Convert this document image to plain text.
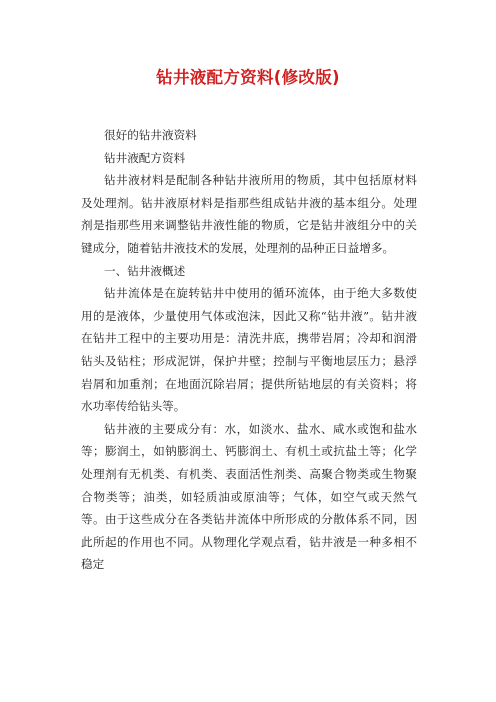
钻井液配方资料(修改版)

很好的钻井液资料

钻井液配方资料

钻井液材料是配制各种钻井液所用的物质，其中包括原材料及处理剂。钻井液原材料是指那些组成钻井液的基本组分。处理剂是指那些用来调整钻井液性能的物质，它是钻井液组分中的关键成分，随着钻井液技术的发展，处理剂的品种正日益增多。

一、钻井液概述

钻井流体是在旋转钻井中使用的循环流体，由于绝大多数使用的是液体，少量使用气体或泡沫，因此又称“钻井液”。钻井液在钻井工程中的主要功用是：清洗井底，携带岩屑；冷却和润滑钻头及钻柱；形成泥饼，保护井壁；控制与平衡地层压力；悬浮岩屑和加重剂；在地面沉除岩屑；提供所钻地层的有关资料；将水功率传给钻头等。

钻井液的主要成分有：水，如淡水、盐水、咸水或饱和盐水等；膨润土，如钠膨润土、钙膨润土、有机土或抗盐土等；化学处理剂有无机类、有机类、表面活性剂类、高聚合物类或生物聚合物类等；油类，如轻质油或原油等；气体，如空气或天然气等。由于这些成分在各类钻井流体中所形成的分散体系不同，因此所起的作用也不同。从物理化学观点看，钻井液是一种多相不稳定
